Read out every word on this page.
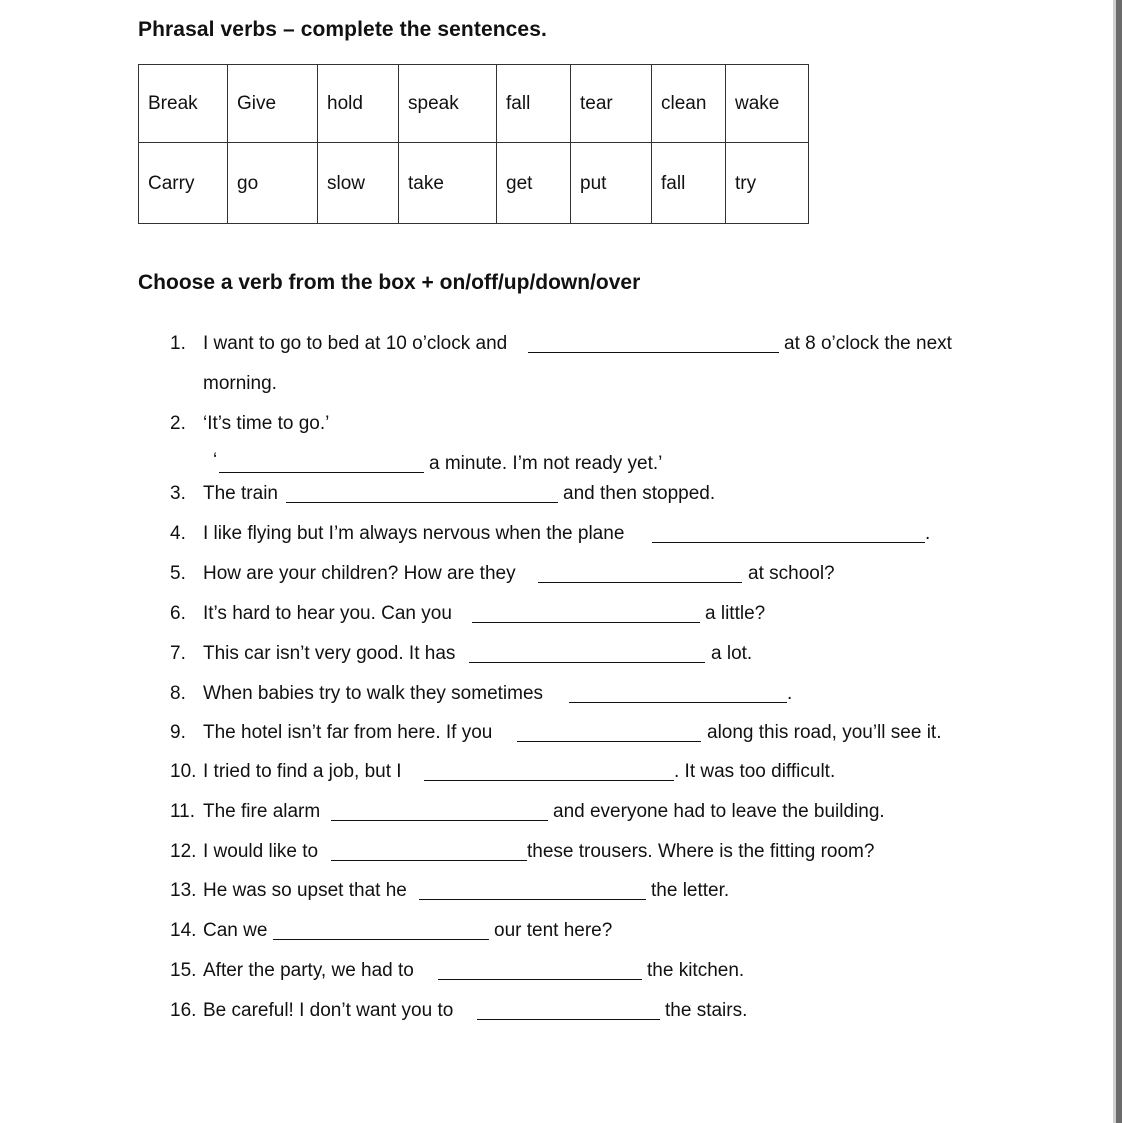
Phrasal verbs – complete the sentences.
Break	Give	hold	speak	fall	tear	clean	wake
Carry	go	slow	take	get	put	fall	try
Choose a verb from the box + on/off/up/down/over
1. I want to go to bed at 10 o’clock and	at 8 o’clock the next
morning.
2. ‘It’s time to go.’
‘	a minute. I’m not ready yet.’
3. The train	and then stopped.
4. I like flying but I’m always nervous when the plane	.
5. How are your children? How are they	at school?
6. It’s hard to hear you. Can you	a little?
7. This car isn’t very good. It has	a lot.
8. When babies try to walk they sometimes	.
9. The hotel isn’t far from here. If you	along this road, you’ll see it.
10. I tried to find a job, but I	. It was too difficult.
11. The fire alarm	and everyone had to leave the building.
12. I would like to	these trousers. Where is the fitting room?
13. He was so upset that he	the letter.
14. Can we	our tent here?
15. After the party, we had to	the kitchen.
16. Be careful! I don’t want you to	the stairs.
